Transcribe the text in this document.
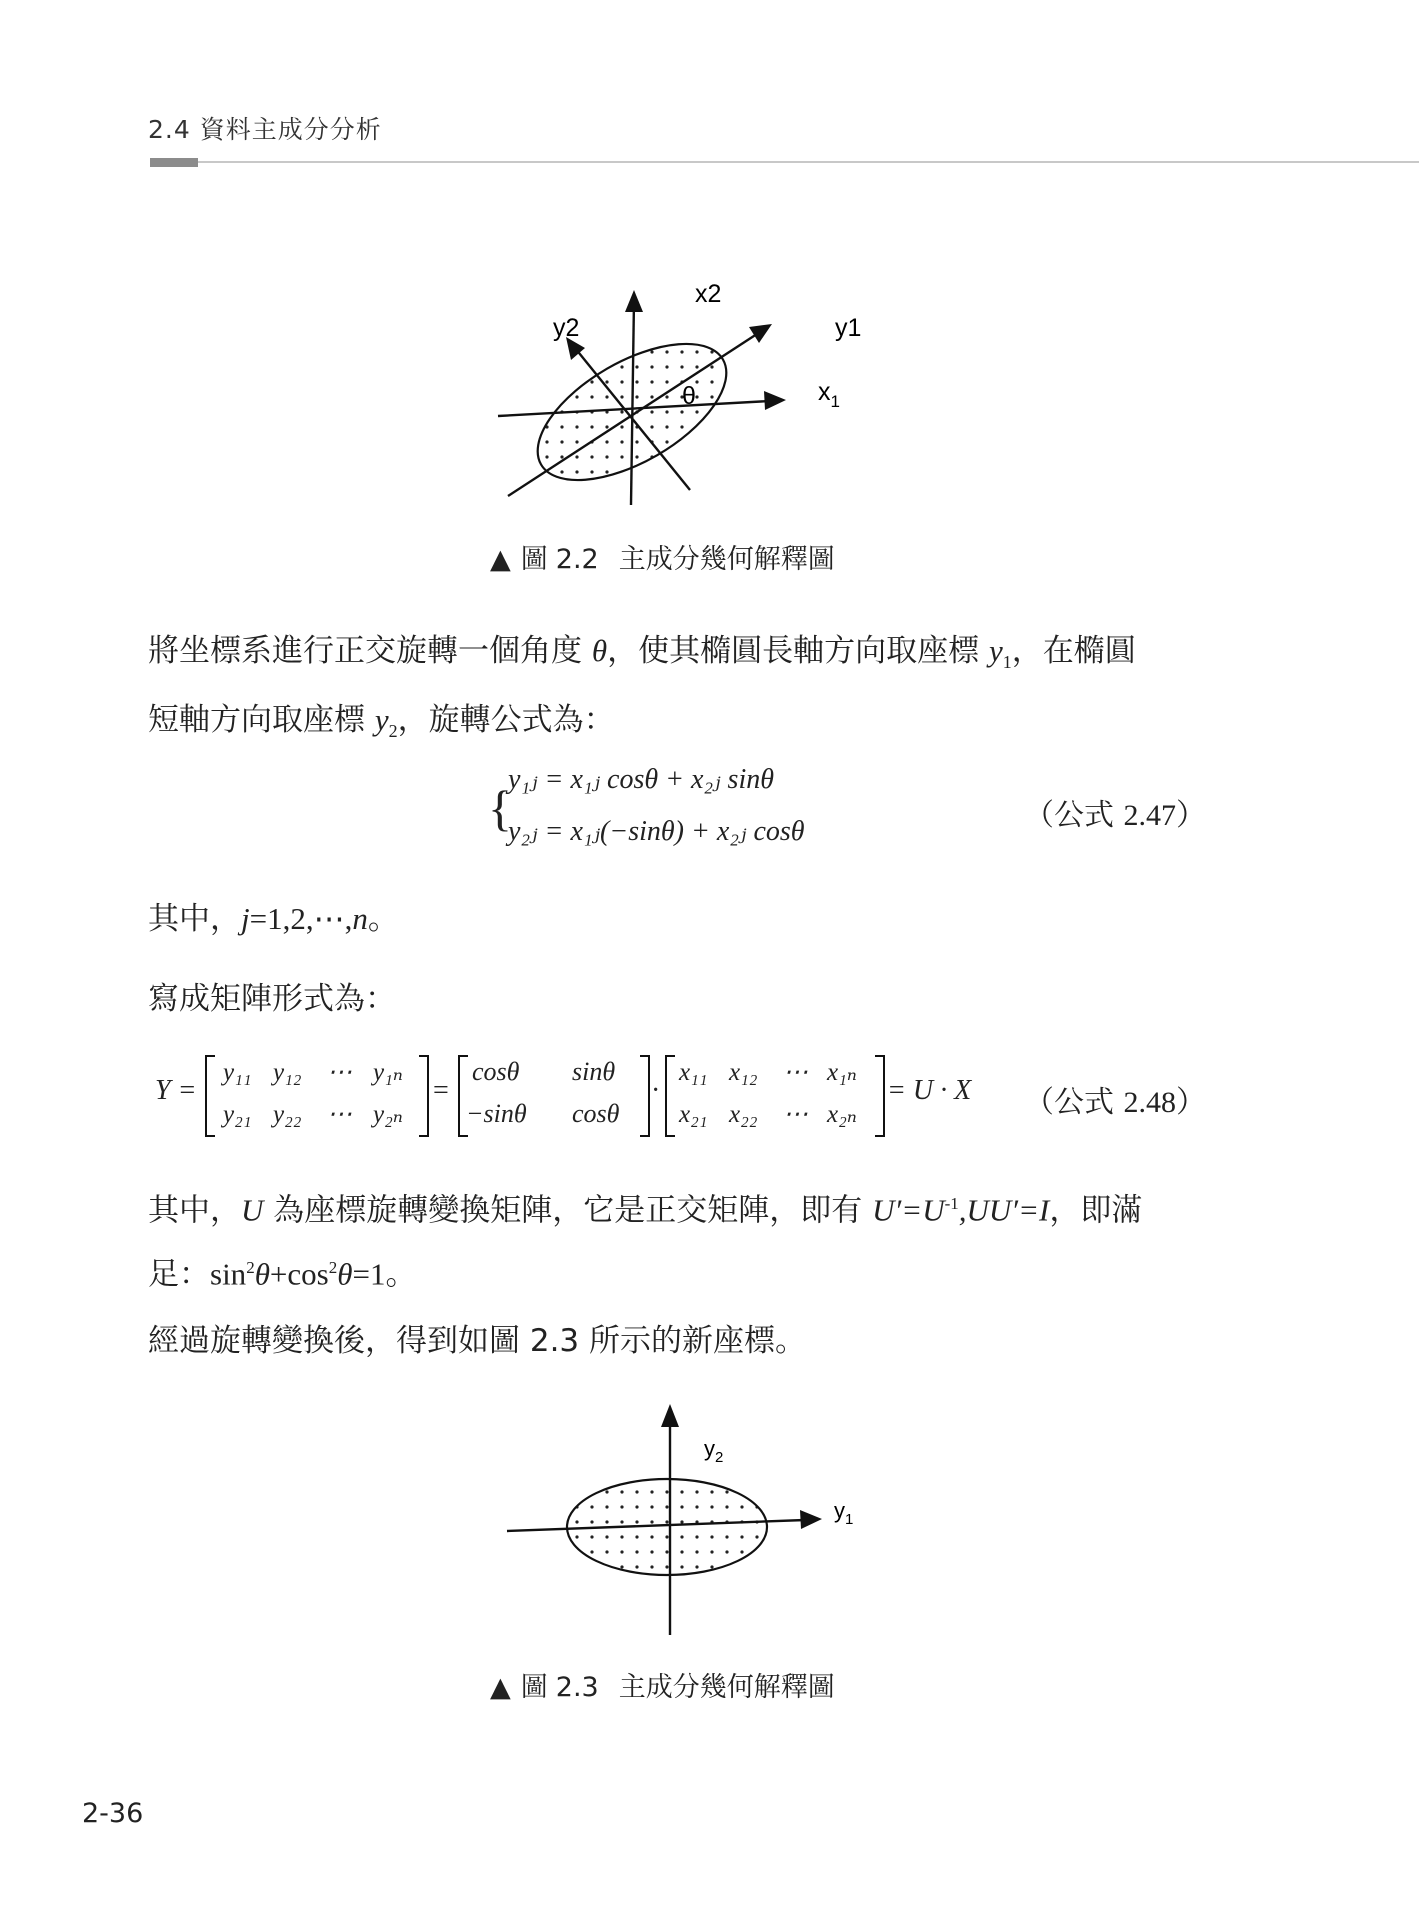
2.4 資料主成分分析
x2
y2	y1
$x_1$
θ
▲ 圖 2.2 主成分幾何解釋圖
將坐標系進行正交旋轉一個角度 θ，使其橢圓長軸方向取座標 $y_1$，在橢圓
短軸方向取座標 $y_2$，旋轉公式為：
{
y₁ⱼ = x₁ⱼ cosθ + x₂ⱼ sinθ
y₂ⱼ = x₁ⱼ(−sinθ) + x₂ⱼ cosθ	（公式 2.47）
其中，j=1,2,⋯,n。
寫成矩陣形式為：
Y =
y₁₁ y₁₂ ⋯ y₁ₙ
y₂₁ y₂₂ ⋯ y₂ₙ
=
cosθ sinθ
−sinθ cosθ
·
x₁₁ x₁₂ ⋯ x₁ₙ
x₂₁ x₂₂ ⋯ x₂ₙ
= U · X （公式 2.48）
其中，U 為座標旋轉變換矩陣，它是正交矩陣，即有 $U'=U^{-1},UU'=I$，即滿
足：$\sin^2\theta+\cos^2\theta=1$。
經過旋轉變換後，得到如圖 2.3 所示的新座標。
$y_2$
$y_1$
▲ 圖 2.3 主成分幾何解釋圖
2-36
